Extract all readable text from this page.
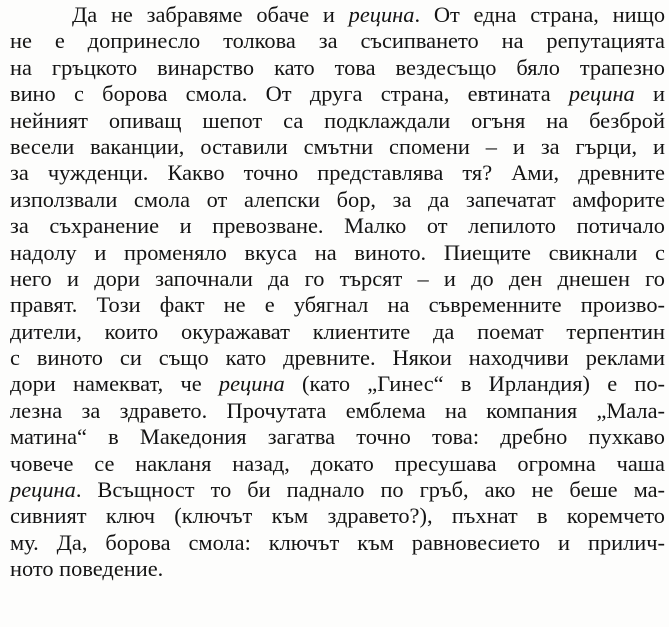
Да не забравяме обаче и рецина. От една страна, нищо
не е допринесло толкова за съсипването на репутацията
на гръцкото винарство като това вездесъщо бяло трапезно
вино с борова смола. От друга страна, евтината рецина и
нейният опиващ шепот са подклаждали огъня на безброй
весели ваканции, оставили смътни спомени – и за гърци, и
за чужденци. Какво точно представлява тя? Ами, древните
използвали смола от алепски бор, за да запечатат амфорите
за съхранение и превозване. Малко от лепилото потичало
надолу и променяло вкуса на виното. Пиещите свикнали с
него и дори започнали да го търсят – и до ден днешен го
правят. Този факт не е убягнал на съвременните произво-
дители, които окуражават клиентите да поемат терпентин
с виното си също като древните. Някои находчиви реклами
дори намекват, че рецина (като „Гинес“ в Ирландия) е по-
лезна за здравето. Прочутата емблема на компания „Мала-
матина“ в Македония загатва точно това: дребно пухкаво
човече се накланя назад, докато пресушава огромна чаша
рецина. Всъщност то би паднало по гръб, ако не беше ма-
сивният ключ (ключът към здравето?), пъхнат в коремчето
му. Да, борова смола: ключът към равновесието и прилич-
ното поведение.
